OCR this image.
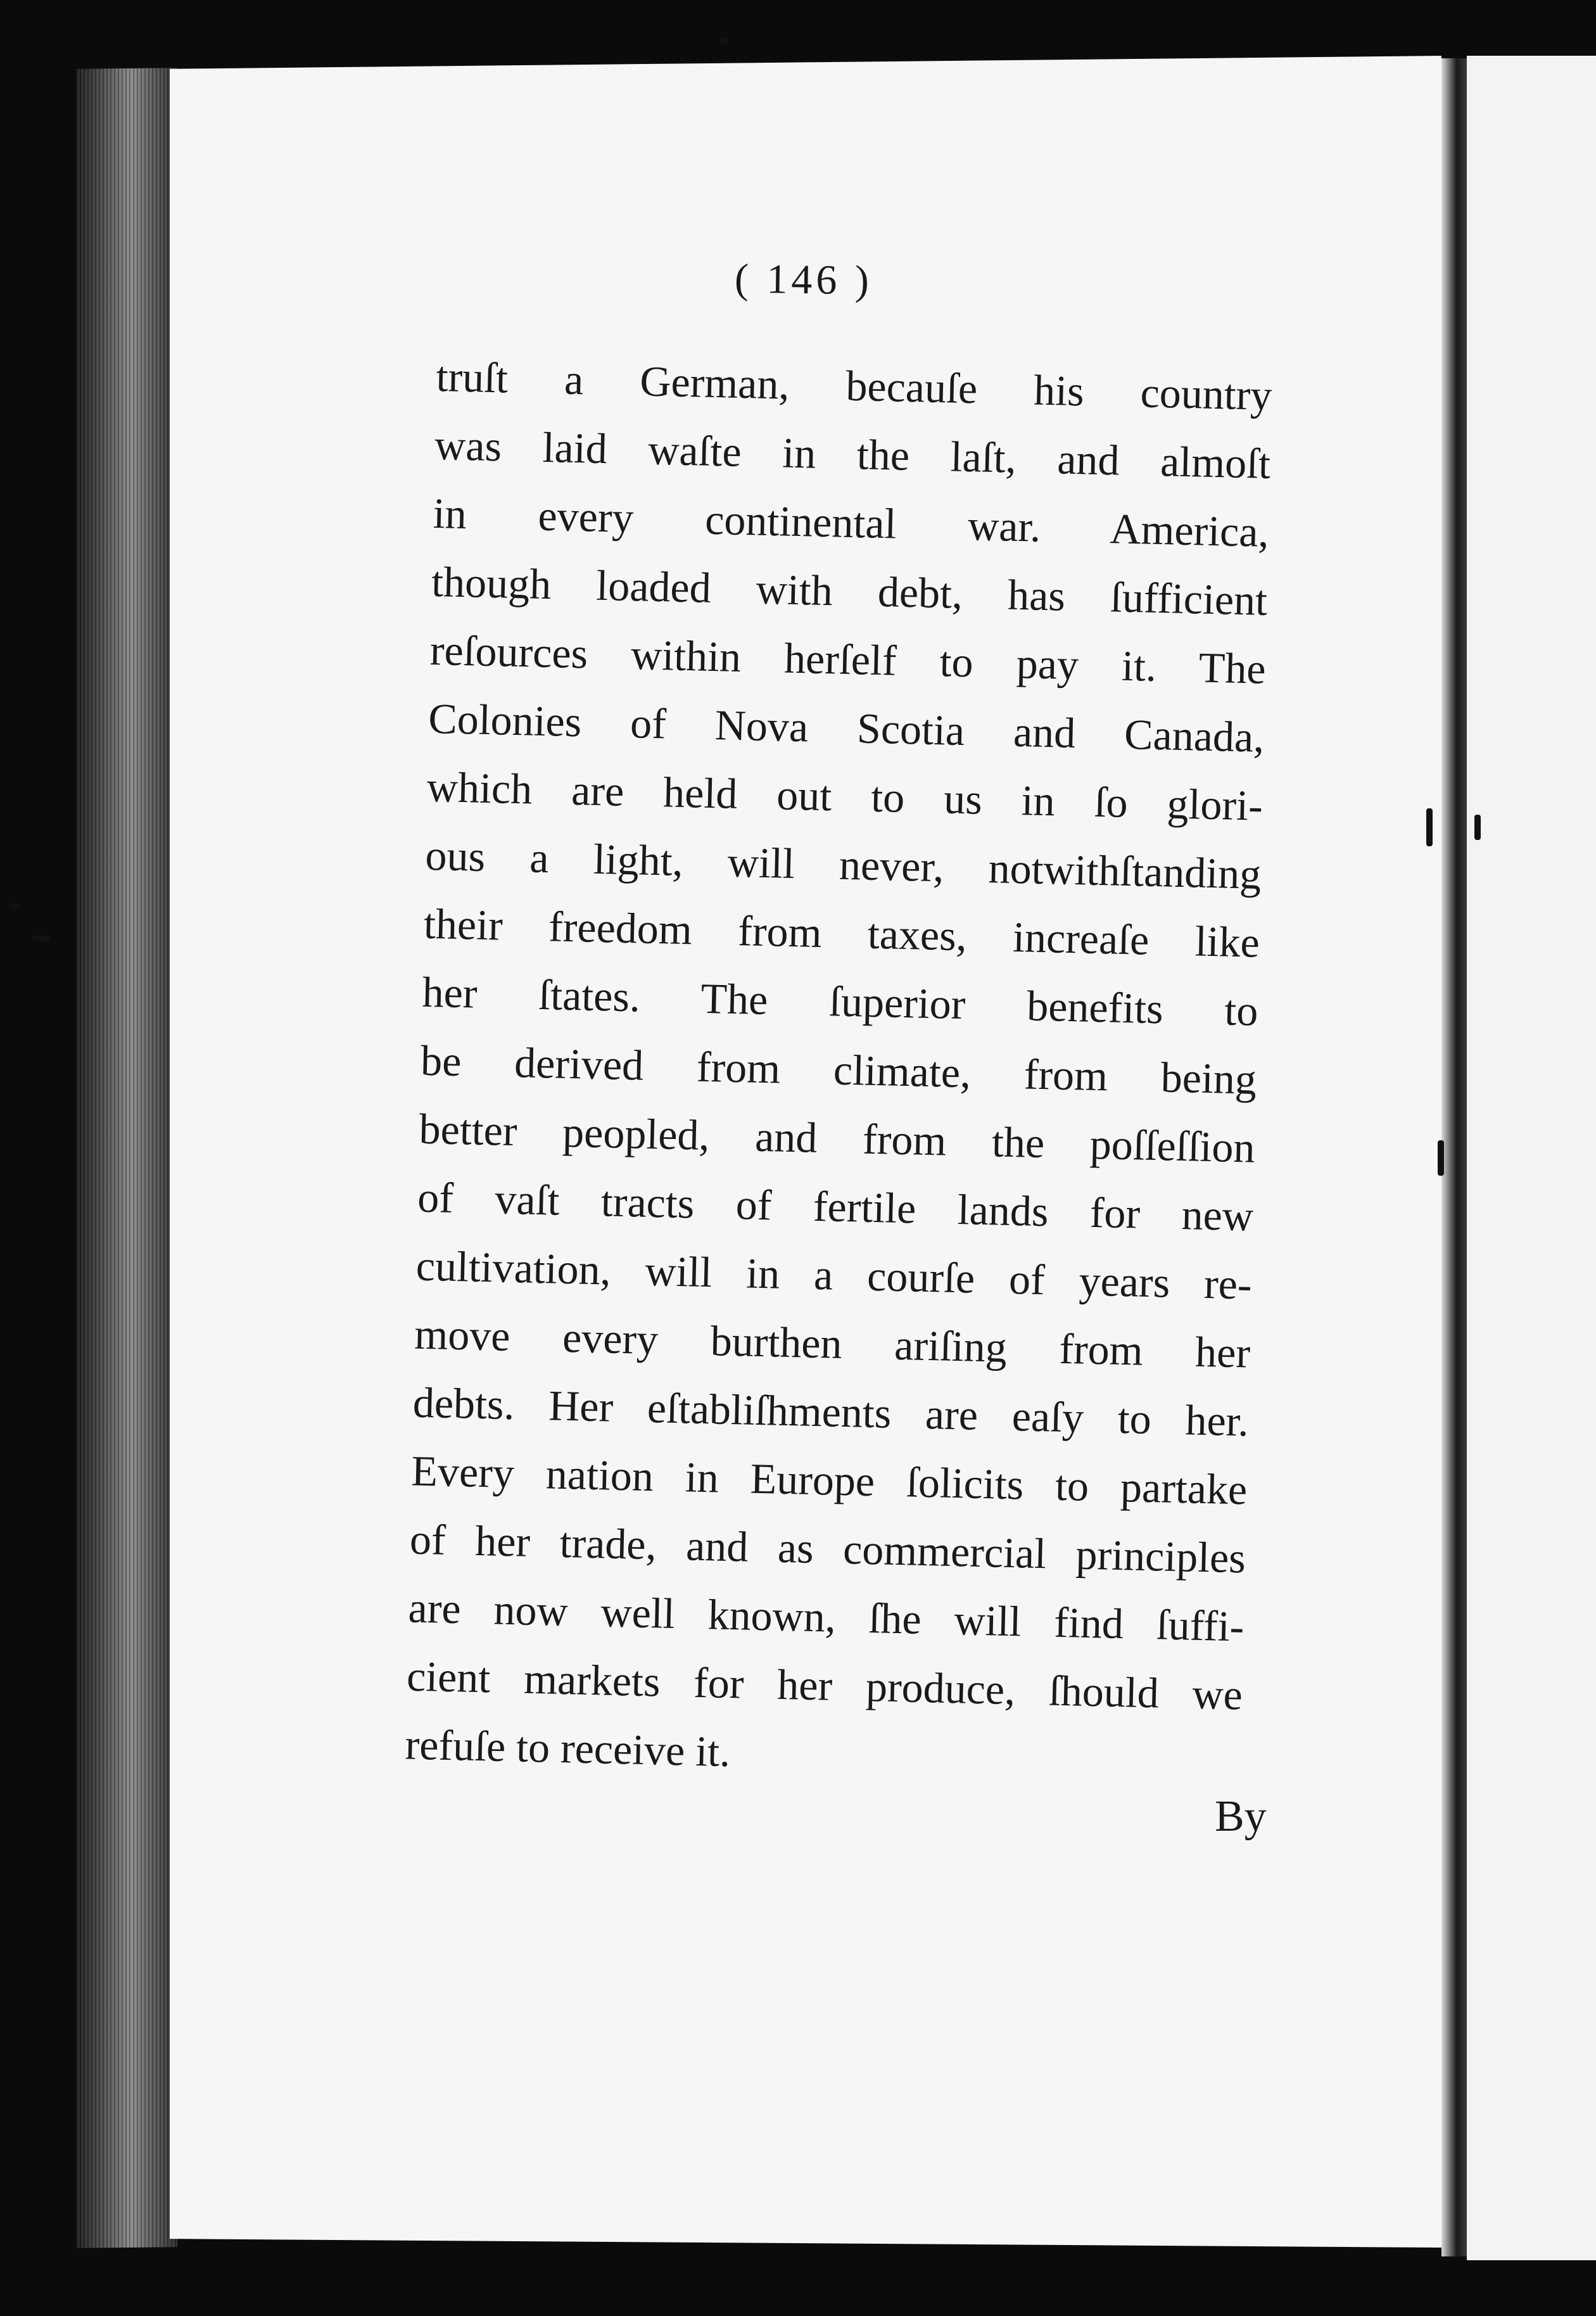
( 146 )
truſt a German, becauſe his country
was laid waſte in the laſt, and almoſt
in every continental war. America,
though loaded with debt, has ſufficient
reſources within herſelf to pay it. The
Colonies of Nova Scotia and Canada,
which are held out to us in ſo glori-
ous a light, will never, notwithſtanding
their freedom from taxes, increaſe like
her ſtates. The ſuperior benefits to
be derived from climate, from being
better peopled, and from the poſſeſſion
of vaſt tracts of fertile lands for new
cultivation, will in a courſe of years re-
move every burthen ariſing from her
debts. Her eſtabliſhments are eaſy to her.
Every nation in Europe ſolicits to partake
of her trade, and as commercial principles
are now well known, ſhe will find ſuffi-
cient markets for her produce, ſhould we
refuſe to receive it.
By
